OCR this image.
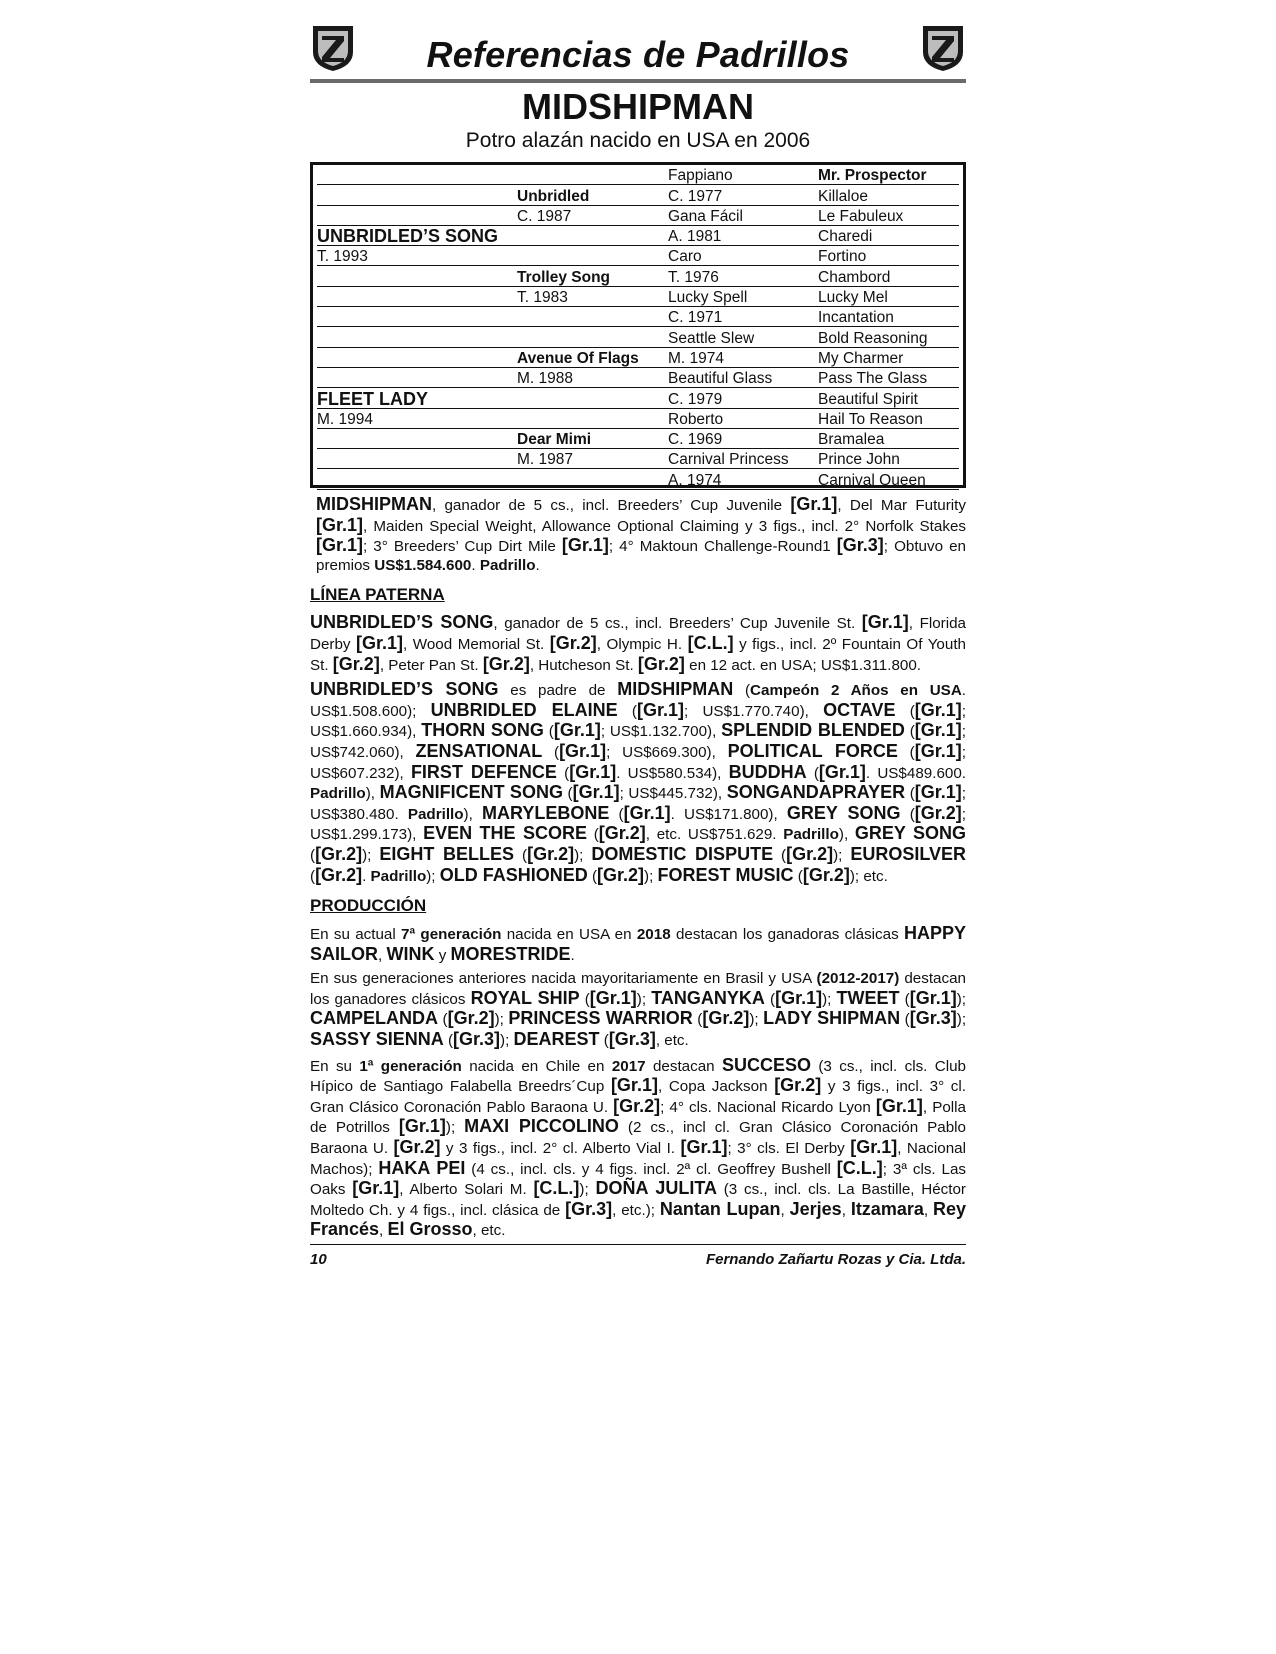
Referencias de Padrillos
MIDSHIPMAN
Potro alazán nacido en USA en 2006
		Fappiano	Mr. Prospector
	Unbridled	C. 1977	Killaloe
	C. 1987	Gana Fácil	Le Fabuleux
UNBRIDLED’S SONG		A. 1981	Charedi
T. 1993		Caro	Fortino
	Trolley Song	T. 1976	Chambord
	T. 1983	Lucky Spell	Lucky Mel
		C. 1971	Incantation
		Seattle Slew	Bold Reasoning
	Avenue Of Flags	M. 1974	My Charmer
	M. 1988	Beautiful Glass	Pass The Glass
FLEET LADY		C. 1979	Beautiful Spirit
M. 1994		Roberto	Hail To Reason
	Dear Mimi	C. 1969	Bramalea
	M. 1987	Carnival Princess	Prince John
		A. 1974	Carnival Queen

MIDSHIPMAN, ganador de 5 cs., incl. Breeders’ Cup Juvenile [Gr.1], Del Mar Futurity [Gr.1], Maiden Special Weight, Allowance Optional Claiming y 3 figs., incl. 2° Norfolk Stakes [Gr.1]; 3° Breeders’ Cup Dirt Mile [Gr.1]; 4° Maktoun Challenge-Round1 [Gr.3]; Obtuvo en premios US$1.584.600. Padrillo.

LÍNEA PATERNA

UNBRIDLED’S SONG, ganador de 5 cs., incl. Breeders’ Cup Juvenile St. [Gr.1], Florida Derby [Gr.1], Wood Memorial St. [Gr.2], Olympic H. [C.L.] y figs., incl. 2º Fountain Of Youth St. [Gr.2], Peter Pan St. [Gr.2], Hutcheson St. [Gr.2] en 12 act. en USA; US$1.311.800.

UNBRIDLED’S SONG es padre de MIDSHIPMAN (Campeón 2 Años en USA. US$1.508.600); UNBRIDLED ELAINE ([Gr.1]; US$1.770.740), OCTAVE ([Gr.1]; US$1.660.934), THORN SONG ([Gr.1]; US$1.132.700), SPLENDID BLENDED ([Gr.1]; US$742.060), ZENSATIONAL ([Gr.1]; US$669.300), POLITICAL FORCE ([Gr.1]; US$607.232), FIRST DEFENCE ([Gr.1]. US$580.534), BUDDHA ([Gr.1]. US$489.600. Padrillo), MAGNIFICENT SONG ([Gr.1]; US$445.732), SONGANDAPRAYER ([Gr.1]; US$380.480. Padrillo), MARYLEBONE ([Gr.1]. US$171.800), GREY SONG ([Gr.2]; US$1.299.173), EVEN THE SCORE ([Gr.2], etc. US$751.629. Padrillo), GREY SONG ([Gr.2]); EIGHT BELLES ([Gr.2]); DOMESTIC DISPUTE ([Gr.2]); EUROSILVER ([Gr.2]. Padrillo); OLD FASHIONED ([Gr.2]); FOREST MUSIC ([Gr.2]); etc.

PRODUCCIÓN

En su actual 7ª generación nacida en USA en 2018 destacan los ganadoras clásicas HAPPY SAILOR, WINK y MORESTRIDE.

En sus generaciones anteriores nacida mayoritariamente en Brasil y USA (2012-2017) destacan los ganadores clásicos ROYAL SHIP ([Gr.1]); TANGANYKA ([Gr.1]); TWEET ([Gr.1]); CAMPELANDA ([Gr.2]); PRINCESS WARRIOR ([Gr.2]); LADY SHIPMAN ([Gr.3]); SASSY SIENNA ([Gr.3]); DEAREST ([Gr.3], etc.

En su 1ª generación nacida en Chile en 2017 destacan SUCCESO (3 cs., incl. cls. Club Hípico de Santiago Falabella Breedrs´Cup [Gr.1], Copa Jackson [Gr.2] y 3 figs., incl. 3° cl. Gran Clásico Coronación Pablo Baraona U. [Gr.2]; 4° cls. Nacional Ricardo Lyon [Gr.1], Polla de Potrillos [Gr.1]); MAXI PICCOLINO (2 cs., incl cl. Gran Clásico Coronación Pablo Baraona U. [Gr.2] y 3 figs., incl. 2° cl. Alberto Vial I. [Gr.1]; 3° cls. El Derby [Gr.1], Nacional Machos); HAKA PEI (4 cs., incl. cls. y 4 figs. incl. 2ª cl. Geoffrey Bushell [C.L.]; 3ª cls. Las Oaks [Gr.1], Alberto Solari M. [C.L.]); DOÑA JULITA (3 cs., incl. cls. La Bastille, Héctor Moltedo Ch. y 4 figs., incl. clásica de [Gr.3], etc.); Nantan Lupan, Jerjes, Itzamara, Rey Francés, El Grosso, etc.

10	Fernando Zañartu Rozas y Cia. Ltda.
